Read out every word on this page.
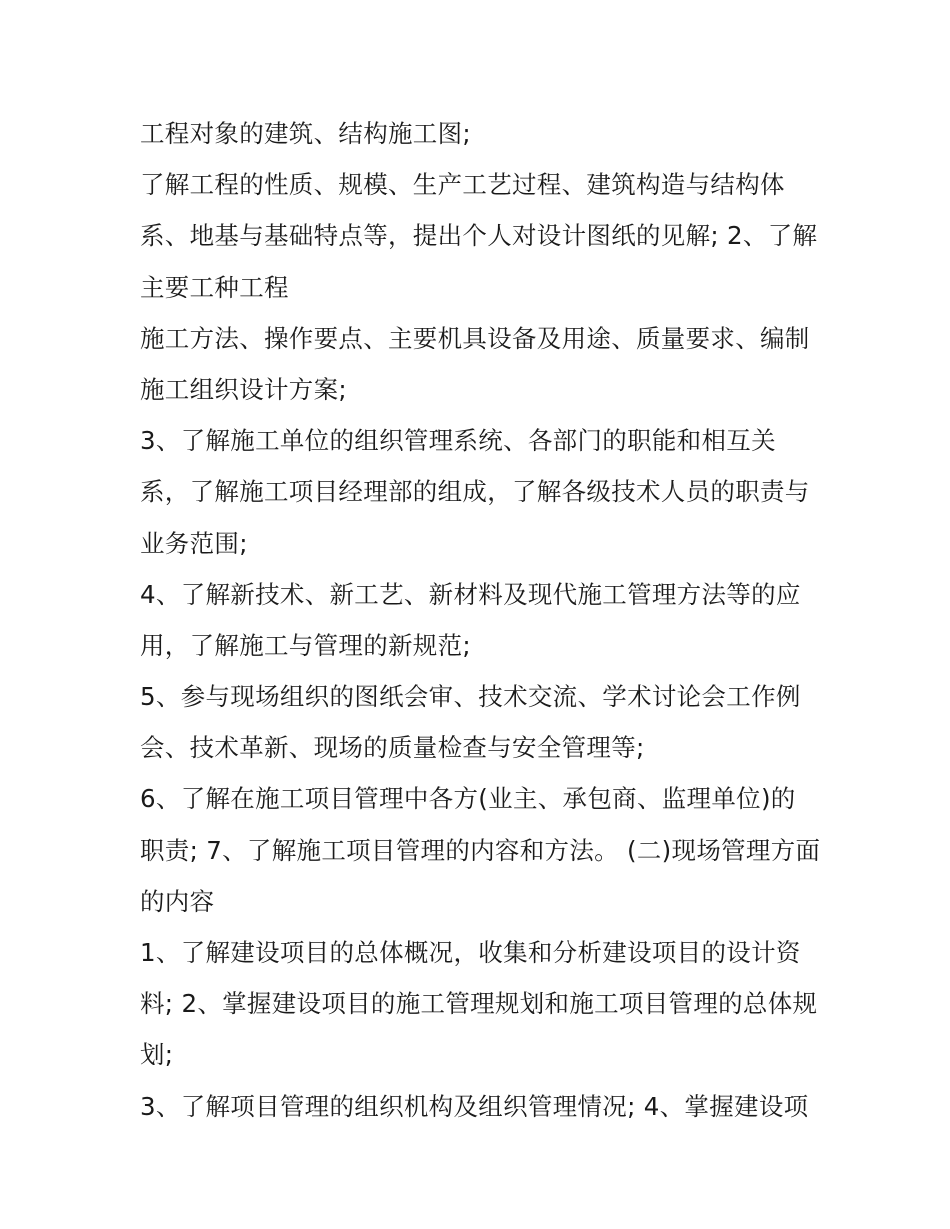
工程对象的建筑、结构施工图;
了解工程的性质、规模、生产工艺过程、建筑构造与结构体
系、地基与基础特点等，提出个人对设计图纸的见解; 2、了解
主要工种工程
施工方法、操作要点、主要机具设备及用途、质量要求、编制
施工组织设计方案;
3、了解施工单位的组织管理系统、各部门的职能和相互关
系，了解施工项目经理部的组成，了解各级技术人员的职责与
业务范围;
4、了解新技术、新工艺、新材料及现代施工管理方法等的应
用，了解施工与管理的新规范;
5、参与现场组织的图纸会审、技术交流、学术讨论会工作例
会、技术革新、现场的质量检查与安全管理等;
6、了解在施工项目管理中各方(业主、承包商、监理单位)的
职责; 7、了解施工项目管理的内容和方法。 (二)现场管理方面
的内容
1、了解建设项目的总体概况，收集和分析建设项目的设计资
料; 2、掌握建设项目的施工管理规划和施工项目管理的总体规
划;
3、了解项目管理的组织机构及组织管理情况; 4、掌握建设项
